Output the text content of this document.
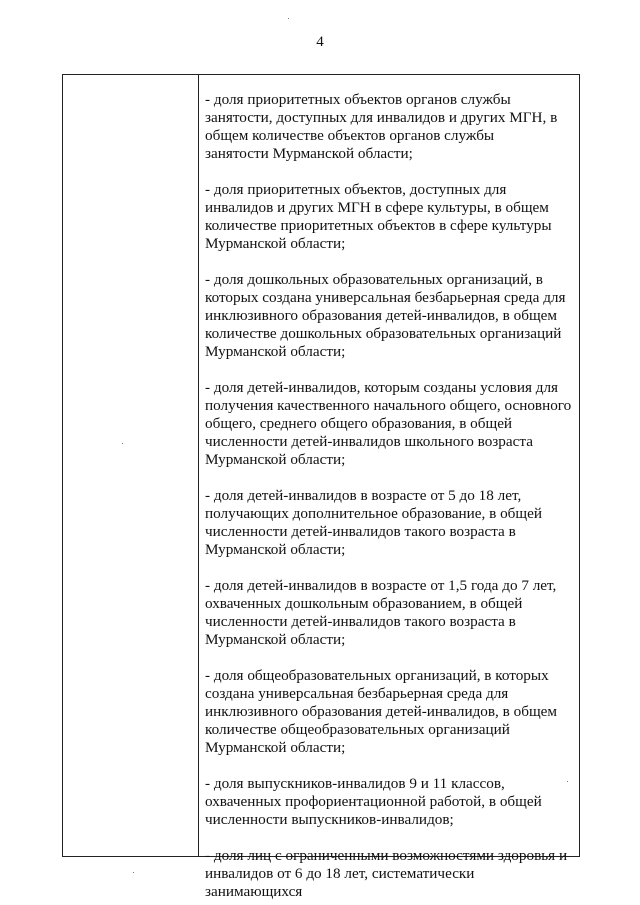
4
- доля приоритетных объектов органов службы
занятости, доступных для инвалидов и других МГН, в
общем количестве объектов органов службы
занятости Мурманской области;
- доля приоритетных объектов, доступных для
инвалидов и других МГН в сфере культуры, в общем
количестве приоритетных объектов в сфере культуры
Мурманской области;
- доля дошкольных образовательных организаций, в
которых создана универсальная безбарьерная среда для
инклюзивного образования детей-инвалидов, в общем
количестве дошкольных образовательных организаций
Мурманской области;
- доля детей-инвалидов, которым созданы условия для
получения качественного начального общего, основного
общего, среднего общего образования, в общей
численности детей-инвалидов школьного возраста
Мурманской области;
- доля детей-инвалидов в возрасте от 5 до 18 лет,
получающих дополнительное образование, в общей
численности детей-инвалидов такого возраста в
Мурманской области;
- доля детей-инвалидов в возрасте от 1,5 года до 7 лет,
охваченных дошкольным образованием, в общей
численности детей-инвалидов такого возраста в
Мурманской области;
- доля общеобразовательных организаций, в которых
создана универсальная безбарьерная среда для
инклюзивного образования детей-инвалидов, в общем
количестве общеобразовательных организаций
Мурманской области;
- доля выпускников-инвалидов 9 и 11 классов,
охваченных профориентационной работой, в общей
численности выпускников-инвалидов;
- доля лиц с ограниченными возможностями здоровья и
инвалидов от 6 до 18 лет, систематически занимающихся
